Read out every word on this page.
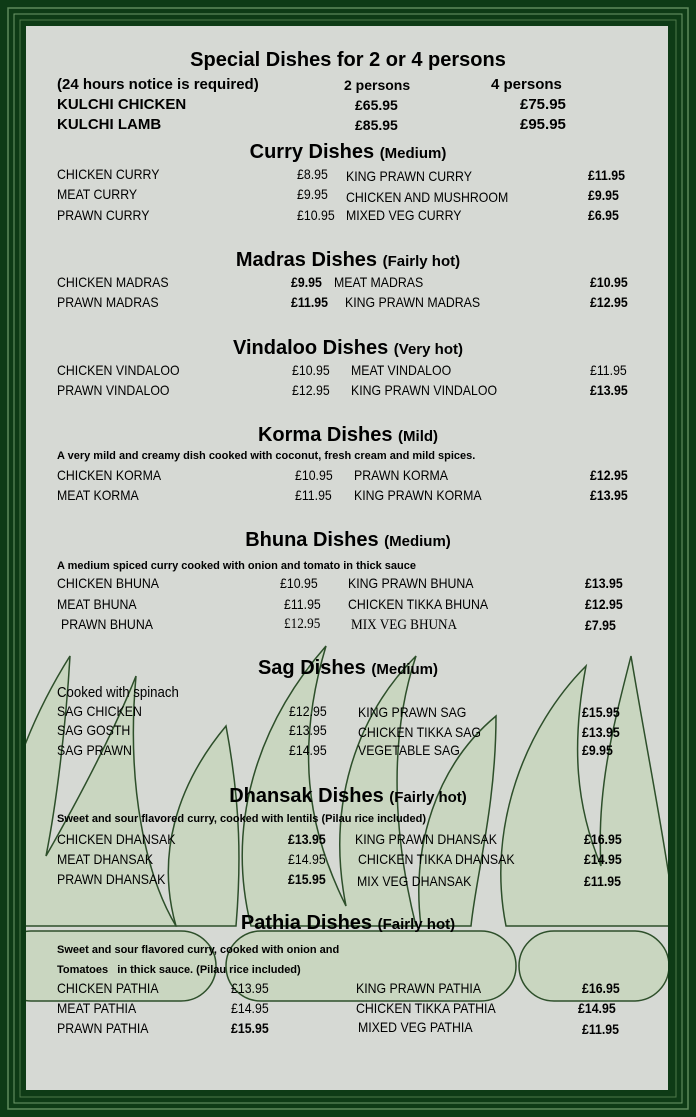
Special Dishes for 2 or 4 persons
(24 hours notice is required)	2 persons	4 persons
KULCHI CHICKEN	£65.95	£75.95
KULCHI LAMB	£85.95	£95.95
Curry Dishes (Medium)
CHICKEN CURRY	£8.95 KING PRAWN CURRY	£11.95
MEAT CURRY	£9.95 CHICKEN AND MUSHROOM	£9.95
PRAWN CURRY	£10.95 MIXED VEG CURRY	£6.95
Madras Dishes (Fairly hot)
CHICKEN MADRAS	£9.95 MEAT MADRAS	£10.95
PRAWN MADRAS	£11.95 KING PRAWN MADRAS	£12.95
Vindaloo Dishes (Very hot)
CHICKEN VINDALOO	£10.95 MEAT VINDALOO	£11.95
PRAWN VINDALOO	£12.95 KING PRAWN VINDALOO	£13.95
Korma Dishes (Mild)
A very mild and creamy dish cooked with coconut, fresh cream and mild spices.
CHICKEN KORMA	£10.95 PRAWN KORMA	£12.95
MEAT KORMA	£11.95 KING PRAWN KORMA	£13.95
Bhuna Dishes (Medium)
A medium spiced curry cooked with onion and tomato in thick sauce
CHICKEN BHUNA	£10.95 KING PRAWN BHUNA	£13.95
MEAT BHUNA	£11.95 CHICKEN TIKKA BHUNA	£12.95
PRAWN BHUNA	£12.95 MIX VEG BHUNA	£7.95
Sag Dishes (Medium)
Cooked with spinach
SAG CHICKEN	£12.95 KING PRAWN SAG	£15.95
SAG GOSTH	£13.95 CHICKEN TIKKA SAG	£13.95
SAG PRAWN	£14.95 VEGETABLE SAG	£9.95
Dhansak Dishes (Fairly hot)
Sweet and sour flavored curry, cooked with lentils (Pilau rice included)
CHICKEN DHANSAK	£13.95 KING PRAWN DHANSAK	£16.95
MEAT DHANSAK	£14.95 CHICKEN TIKKA DHANSAK	£14.95
PRAWN DHANSAK	£15.95 MIX VEG DHANSAK	£11.95
Pathia Dishes (Fairly hot)
Sweet and sour flavored curry, cooked with onion and
Tomatoes   in thick sauce. (Pilau rice included)
CHICKEN PATHIA	£13.95	KING PRAWN PATHIA	£16.95
MEAT PATHIA	£14.95	CHICKEN TIKKA PATHIA	£14.95
PRAWN PATHIA	£15.95	MIXED VEG PATHIA	£11.95
